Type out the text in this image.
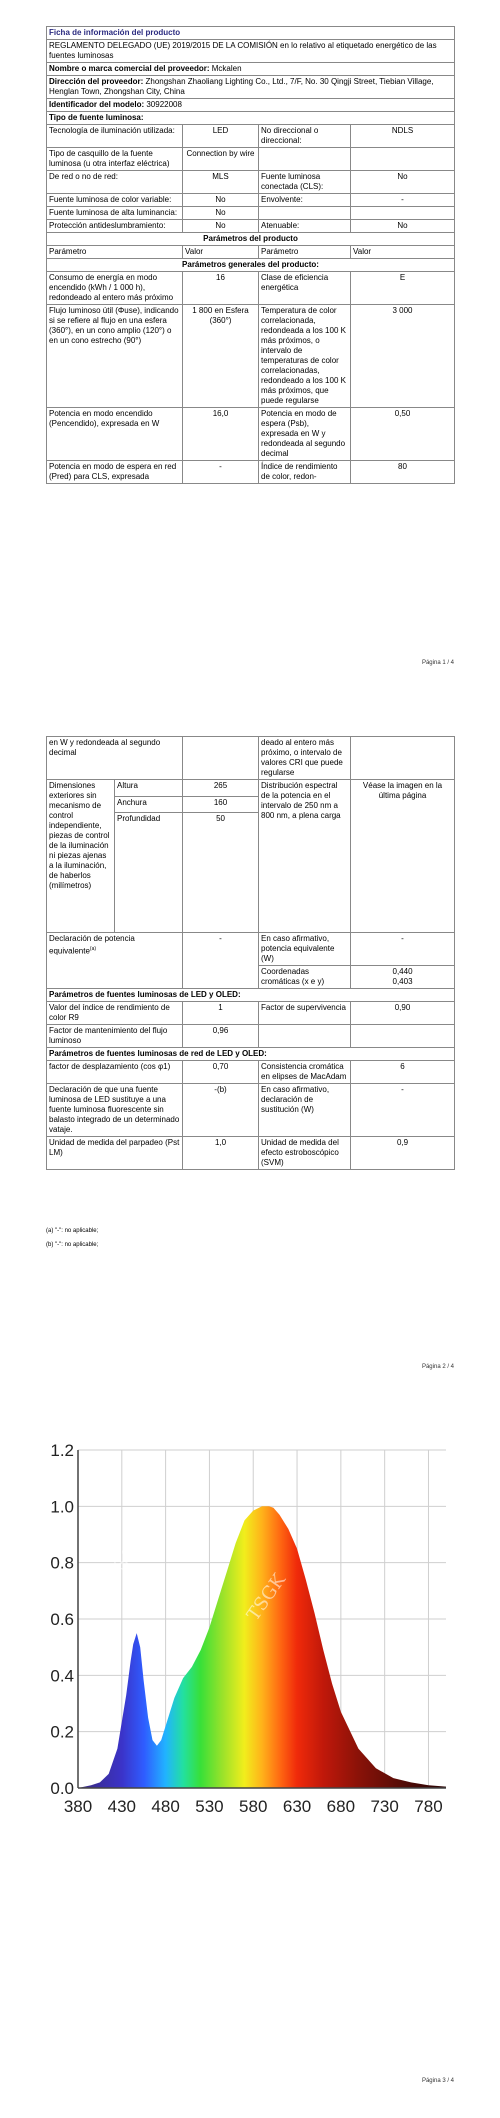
Ficha de información del producto			
REGLAMENTO DELEGADO (UE) 2019/2015 DE LA COMISIÓN en lo relativo al etiquetado energético de las fuentes luminosas			
Nombre o marca comercial del proveedor: Mckalen			
Dirección del proveedor: Zhongshan Zhaoliang Lighting Co., Ltd., 7/F, No. 30 Qingji Street, Tiebian Village, Henglan Town, Zhongshan City, China			
Identificador del modelo: 30922008			
Tipo de fuente luminosa:			
Tecnología de iluminación utilizada:	LED	No direccional o direccional:	NDLS
Tipo de casquillo de la fuente luminosa (u otra interfaz eléctrica)	Connection by wire		
De red o no de red:	MLS	Fuente luminosa conectada (CLS):	No
Fuente luminosa de color variable:	No	Envolvente:	-
Fuente luminosa de alta luminancia:	No		
Protección antideslumbramiento:	No	Atenuable:	No
Parámetros del producto			
Parámetro	Valor	Parámetro	Valor
Parámetros generales del producto:			
Consumo de energía en modo encendido (kWh / 1 000 h), redondeado al entero más próximo	16	Clase de eficiencia energética	E
Flujo luminoso útil (Φuse), indicando si se refiere al flujo en una esfera (360°), en un cono amplio (120°) o en un cono estrecho (90°)	1 800 en Esfera (360°)	Temperatura de color correlacionada, redondeada a los 100 K más próximos, o intervalo de temperaturas de color correlacionadas, redondeado a los 100 K más próximos, que puede regularse	3 000
Potencia en modo encendido (Pencendido), expresada en W	16,0	Potencia en modo de espera (Psb), expresada en W y redondeada al segundo decimal	0,50
Potencia en modo de espera en red (Pred) para CLS, expresada	-	Índice de rendimiento de color, redon-	80
Página 1 / 4
en W y redondeada al segundo decimal			deado al entero más próximo, o intervalo de valores CRI que puede regularse	
Dimensiones exteriores sin mecanismo de control independiente, piezas de control de la iluminación ni piezas ajenas a la iluminación, de haberlos (milímetros)	Altura	265	Distribución espectral de la potencia en el intervalo de 250 nm a 800 nm, a plena carga	Véase la imagen en la última página
	Anchura	160		
	Profundidad	50		
Declaración de potencia equivalente$^{(a)}$		-	En caso afirmativo, potencia equivalente (W)	-
			Coordenadas cromáticas (x e y)	0,440
0,403
Parámetros de fuentes luminosas de LED y OLED:				
Valor del índice de rendimiento de color R9		1	Factor de supervivencia	0,90
Factor de mantenimiento del flujo luminoso		0,96		
Parámetros de fuentes luminosas de red de LED y OLED:				
factor de desplazamiento (cos φ1)		0,70	Consistencia cromática en elipses de MacAdam	6
Declaración de que una fuente luminosa de LED sustituye a una fuente luminosa fluorescente sin balasto integrado de un determinado vataje.		-(b)	En caso afirmativo, declaración de sustitución (W)	-
Unidad de medida del parpadeo (Pst LM)		1,0	Unidad de medida del efecto estroboscópico (SVM)	0,9
(a) "-": no aplicable;
(b) "-": no aplicable;
Página 2 / 4
TSGK
TSGK
TSGK
0.0
0.2
0.4
0.6
0.8
1.0
1.2
380 430 480 530 580 630 680 730 780
Página 3 / 4
